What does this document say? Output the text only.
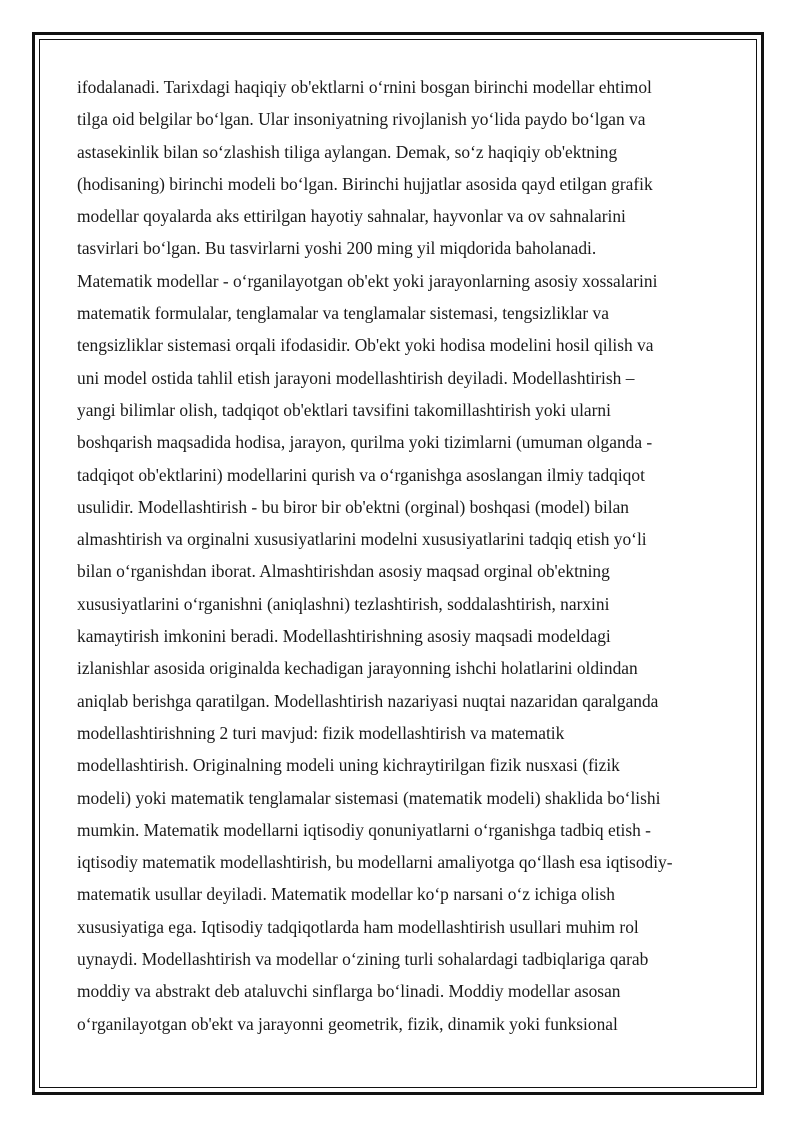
ifodalanadi. Tarixdagi haqiqiy ob'ektlarni o‘rnini bosgan birinchi modellar ehtimol
tilga oid belgilar bo‘lgan. Ular insoniyatning rivojlanish yo‘lida paydo bo‘lgan va
astasekinlik bilan so‘zlashish tiliga aylangan. Demak, so‘z haqiqiy ob'ektning
(hodisaning) birinchi modeli bo‘lgan. Birinchi hujjatlar asosida qayd etilgan grafik
modellar qoyalarda aks ettirilgan hayotiy sahnalar, hayvonlar va ov sahnalarini
tasvirlari bo‘lgan. Bu tasvirlarni yoshi 200 ming yil miqdorida baholanadi.
Matematik modellar - o‘rganilayotgan ob'ekt yoki jarayonlarning asosiy xossalarini
matematik formulalar, tenglamalar va tenglamalar sistemasi, tengsizliklar va
tengsizliklar sistemasi orqali ifodasidir. Ob'ekt yoki hodisa modelini hosil qilish va
uni model ostida tahlil etish jarayoni modellashtirish deyiladi. Modellashtirish –
yangi bilimlar olish, tadqiqot ob'ektlari tavsifini takomillashtirish yoki ularni
boshqarish maqsadida hodisa, jarayon, qurilma yoki tizimlarni (umuman olganda -
tadqiqot ob'ektlarini) modellarini qurish va o‘rganishga asoslangan ilmiy tadqiqot
usulidir. Modellashtirish - bu biror bir ob'ektni (orginal) boshqasi (model) bilan
almashtirish va orginalni xususiyatlarini modelni xususiyatlarini tadqiq etish yo‘li
bilan o‘rganishdan iborat. Almashtirishdan asosiy maqsad orginal ob'ektning
xususiyatlarini o‘rganishni (aniqlashni) tezlashtirish, soddalashtirish, narxini
kamaytirish imkonini beradi. Modellashtirishning asosiy maqsadi modeldagi
izlanishlar asosida originalda kechadigan jarayonning ishchi holatlarini oldindan
aniqlab berishga qaratilgan. Modellashtirish nazariyasi nuqtai nazaridan qaralganda
modellashtirishning 2 turi mavjud: fizik modellashtirish va matematik
modellashtirish. Originalning modeli uning kichraytirilgan fizik nusxasi (fizik
modeli) yoki matematik tenglamalar sistemasi (matematik modeli) shaklida bo‘lishi
mumkin. Matematik modellarni iqtisodiy qonuniyatlarni o‘rganishga tadbiq etish -
iqtisodiy matematik modellashtirish, bu modellarni amaliyotga qo‘llash esa iqtisodiy-
matematik usullar deyiladi. Matematik modellar ko‘p narsani o‘z ichiga olish
xususiyatiga ega. Iqtisodiy tadqiqotlarda ham modellashtirish usullari muhim rol
uynaydi. Modellashtirish va modellar o‘zining turli sohalardagi tadbiqlariga qarab
moddiy va abstrakt deb ataluvchi sinflarga bo‘linadi. Moddiy modellar asosan
o‘rganilayotgan ob'ekt va jarayonni geometrik, fizik, dinamik yoki funksional
